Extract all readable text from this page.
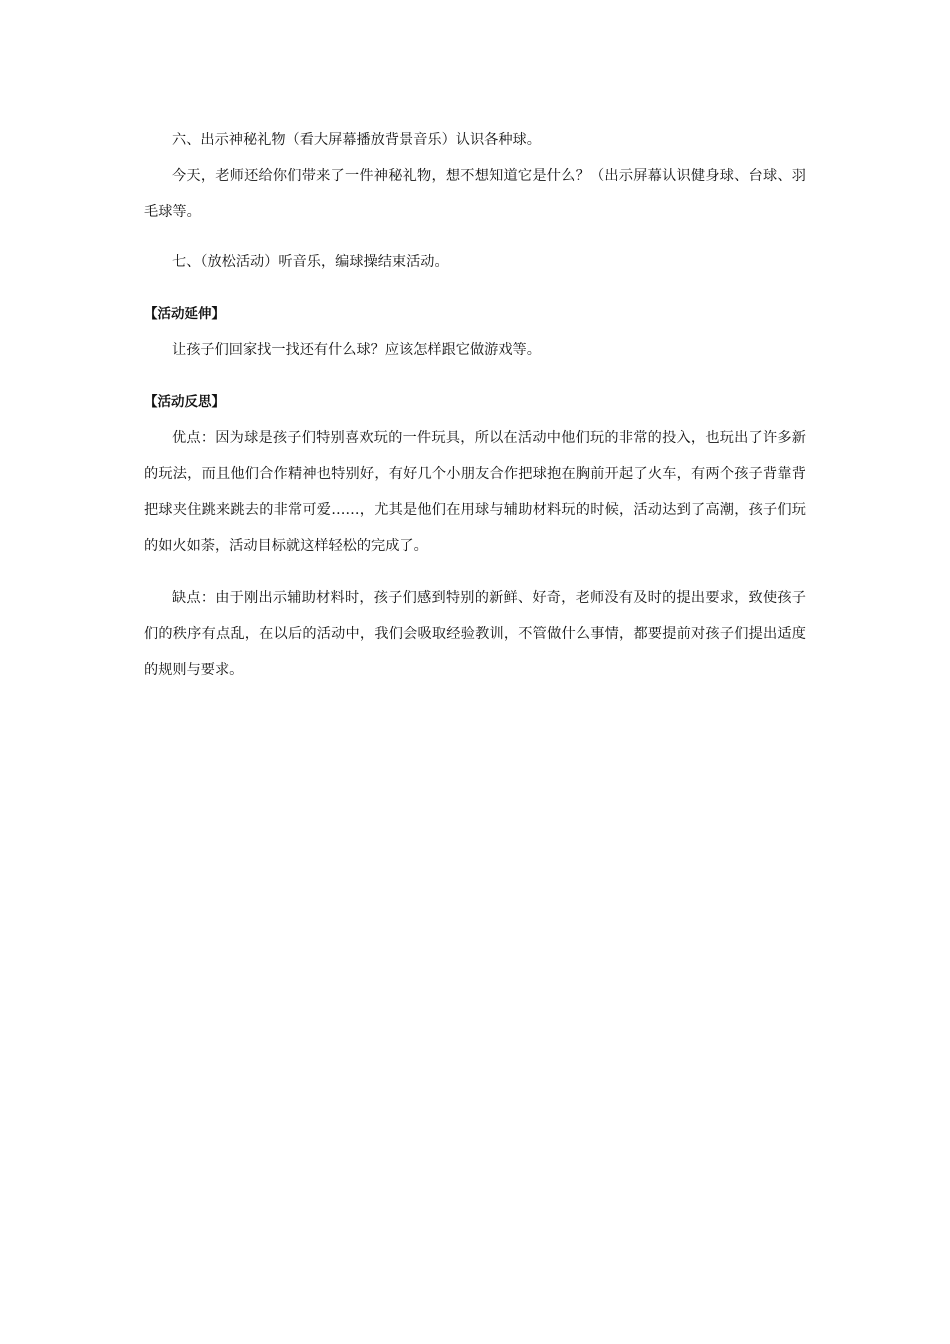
六、出示神秘礼物（看大屏幕播放背景音乐）认识各种球。

今天，老师还给你们带来了一件神秘礼物，想不想知道它是什么？（出示屏幕认识健身球、台球、羽毛球等。

七、（放松活动）听音乐，编球操结束活动。

【活动延伸】

让孩子们回家找一找还有什么球？应该怎样跟它做游戏等。

【活动反思】

优点：因为球是孩子们特别喜欢玩的一件玩具，所以在活动中他们玩的非常的投入，也玩出了许多新的玩法，而且他们合作精神也特别好，有好几个小朋友合作把球抱在胸前开起了火车，有两个孩子背靠背把球夹住跳来跳去的非常可爱……，尤其是他们在用球与辅助材料玩的时候，活动达到了高潮，孩子们玩的如火如荼，活动目标就这样轻松的完成了。

缺点：由于刚出示辅助材料时，孩子们感到特别的新鲜、好奇，老师没有及时的提出要求，致使孩子们的秩序有点乱，在以后的活动中，我们会吸取经验教训，不管做什么事情，都要提前对孩子们提出适度的规则与要求。
